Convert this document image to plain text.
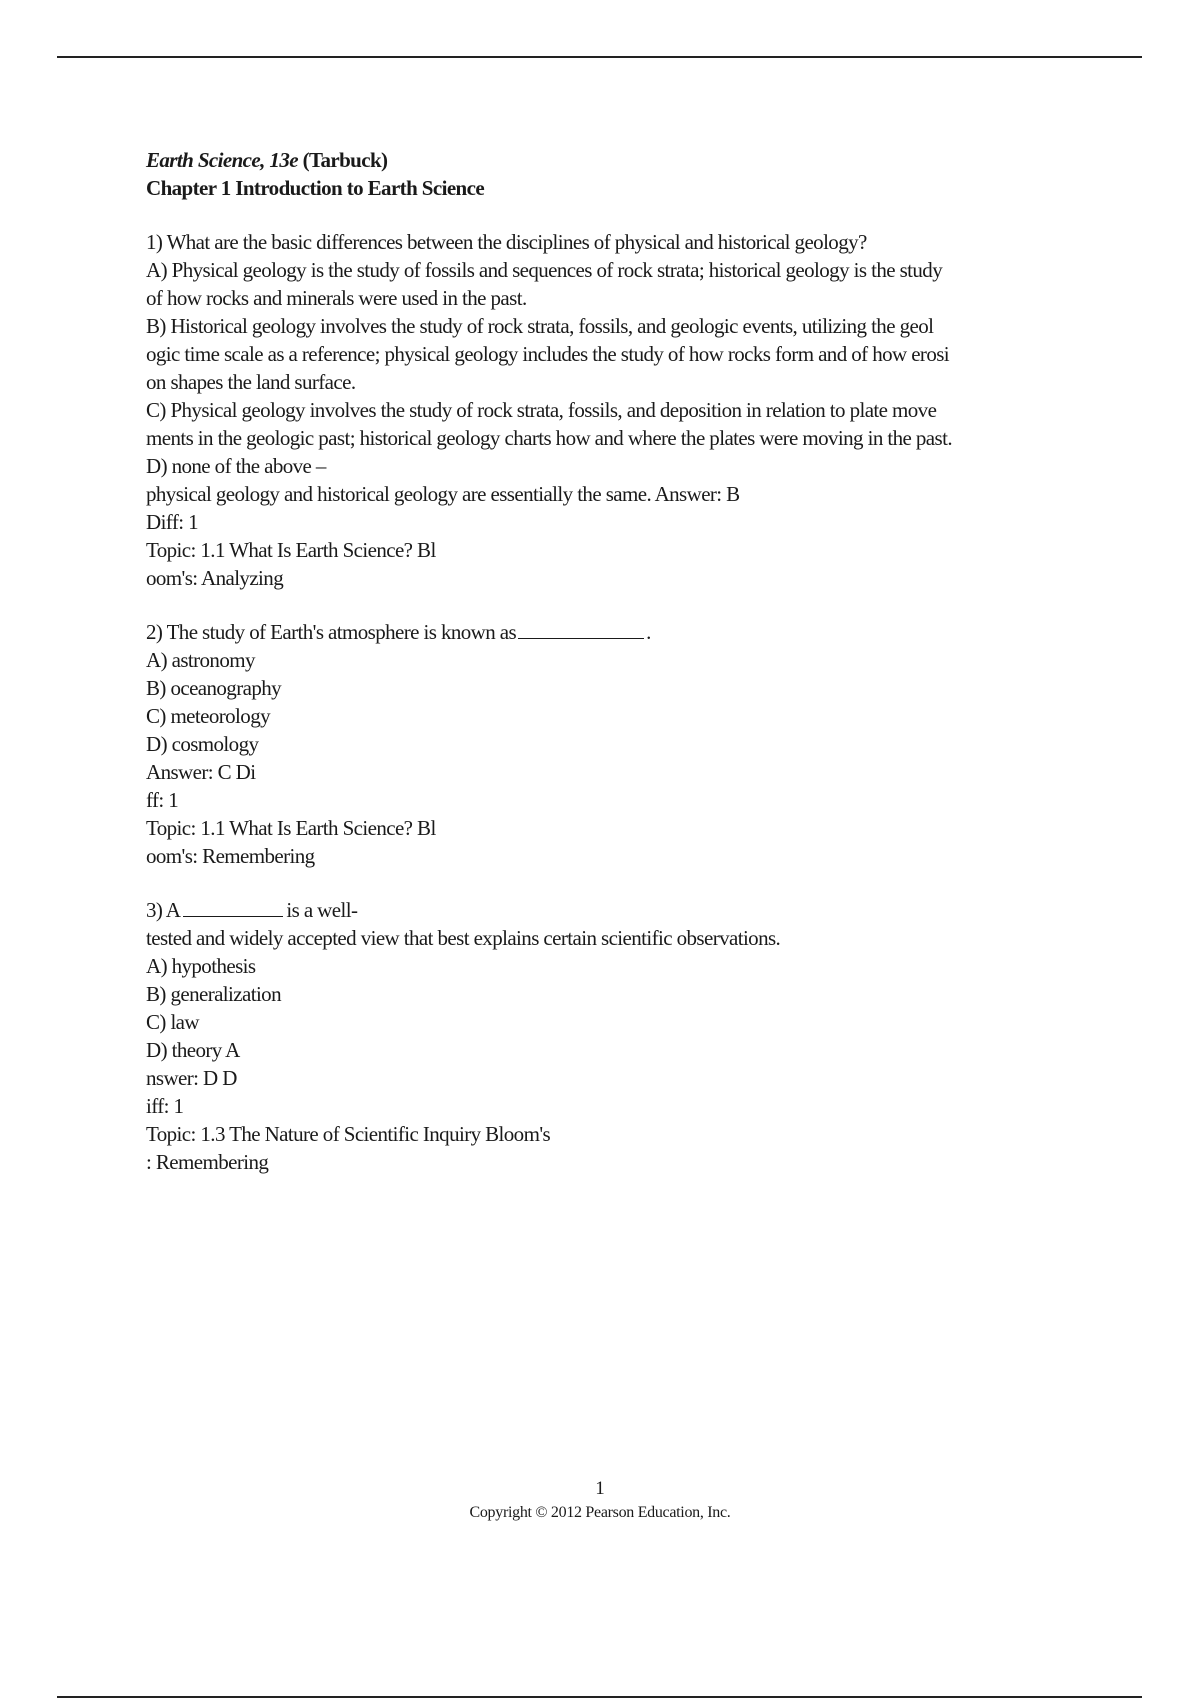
Earth Science, 13e (Tarbuck)

Chapter 1 Introduction to Earth Science

1) What are the basic differences between the disciplines of physical and historical geology?

A) Physical geology is the study of fossils and sequences of rock strata; historical geology is the study

of how rocks and minerals were used in the past.

B) Historical geology involves the study of rock strata, fossils, and geologic events, utilizing the geol

ogic time scale as a reference; physical geology includes the study of how rocks form and of how erosi

on shapes the land surface.

C) Physical geology involves the study of rock strata, fossils, and deposition in relation to plate move

ments in the geologic past; historical geology charts how and where the plates were moving in the past.

D) none of the above –

physical geology and historical geology are essentially the same. Answer: B

Diff: 1

Topic: 1.1 What Is Earth Science? Bl

oom's: Analyzing

2) The study of Earth's atmosphere is known as	.

A) astronomy

B) oceanography

C) meteorology

D) cosmology

Answer: C Di

ff: 1

Topic: 1.1 What Is Earth Science? Bl

oom's: Remembering

3) A	is a well-

tested and widely accepted view that best explains certain scientific observations.

A) hypothesis

B) generalization

C) law

D) theory A

nswer: D D

iff: 1

Topic: 1.3 The Nature of Scientific Inquiry Bloom's

: Remembering

1
Copyright © 2012 Pearson Education, Inc.
